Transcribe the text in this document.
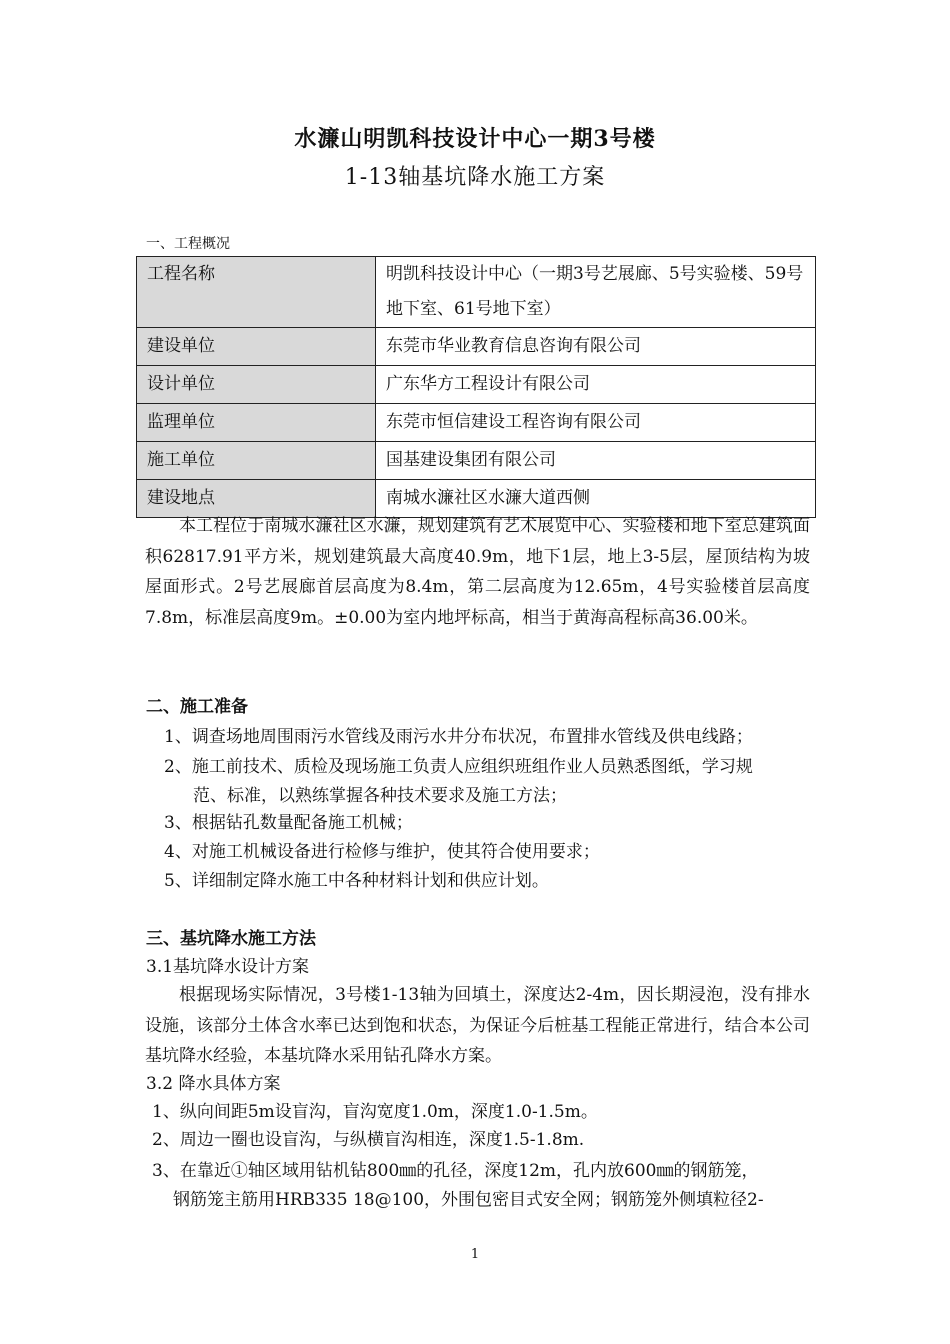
水濂山明凯科技设计中心一期3号楼
1-13轴基坑降水施工方案
一、工程概况
工程名称	明凯科技设计中心（一期3号艺展廊、5号实验楼、59号地下室、61号地下室）
建设单位	东莞市华业教育信息咨询有限公司
设计单位	广东华方工程设计有限公司
监理单位	东莞市恒信建设工程咨询有限公司
施工单位	国基建设集团有限公司
建设地点	南城水濂社区水濂大道西侧
本工程位于南城水濂社区水濂，规划建筑有艺术展览中心、实验楼和地下室总建筑面积62817.91平方米，规划建筑最大高度40.9m，地下1层，地上3-5层，屋顶结构为坡屋面形式。2号艺展廊首层高度为8.4m，第二层高度为12.65m，4号实验楼首层高度7.8m，标准层高度9m。±0.00为室内地坪标高，相当于黄海高程标高36.00米。
二、施工准备
1、调查场地周围雨污水管线及雨污水井分布状况，布置排水管线及供电线路；
2、施工前技术、质检及现场施工负责人应组织班组作业人员熟悉图纸，学习规
范、标准，以熟练掌握各种技术要求及施工方法；
3、根据钻孔数量配备施工机械；
4、对施工机械设备进行检修与维护，使其符合使用要求；
5、详细制定降水施工中各种材料计划和供应计划。
三、基坑降水施工方法
3.1基坑降水设计方案
根据现场实际情况，3号楼1-13轴为回填土，深度达2-4m，因长期浸泡，没有排水设施，该部分土体含水率已达到饱和状态，为保证今后桩基工程能正常进行，结合本公司基坑降水经验，本基坑降水采用钻孔降水方案。
3.2 降水具体方案
1、纵向间距5m设盲沟，盲沟宽度1.0m，深度1.0-1.5m。
2、周边一圈也设盲沟，与纵横盲沟相连，深度1.5-1.8m.
3、在靠近①轴区域用钻机钻800㎜的孔径，深度12m，孔内放600㎜的钢筋笼，
钢筋笼主筋用HRB335 18@100，外围包密目式安全网；钢筋笼外侧填粒径2-
1
